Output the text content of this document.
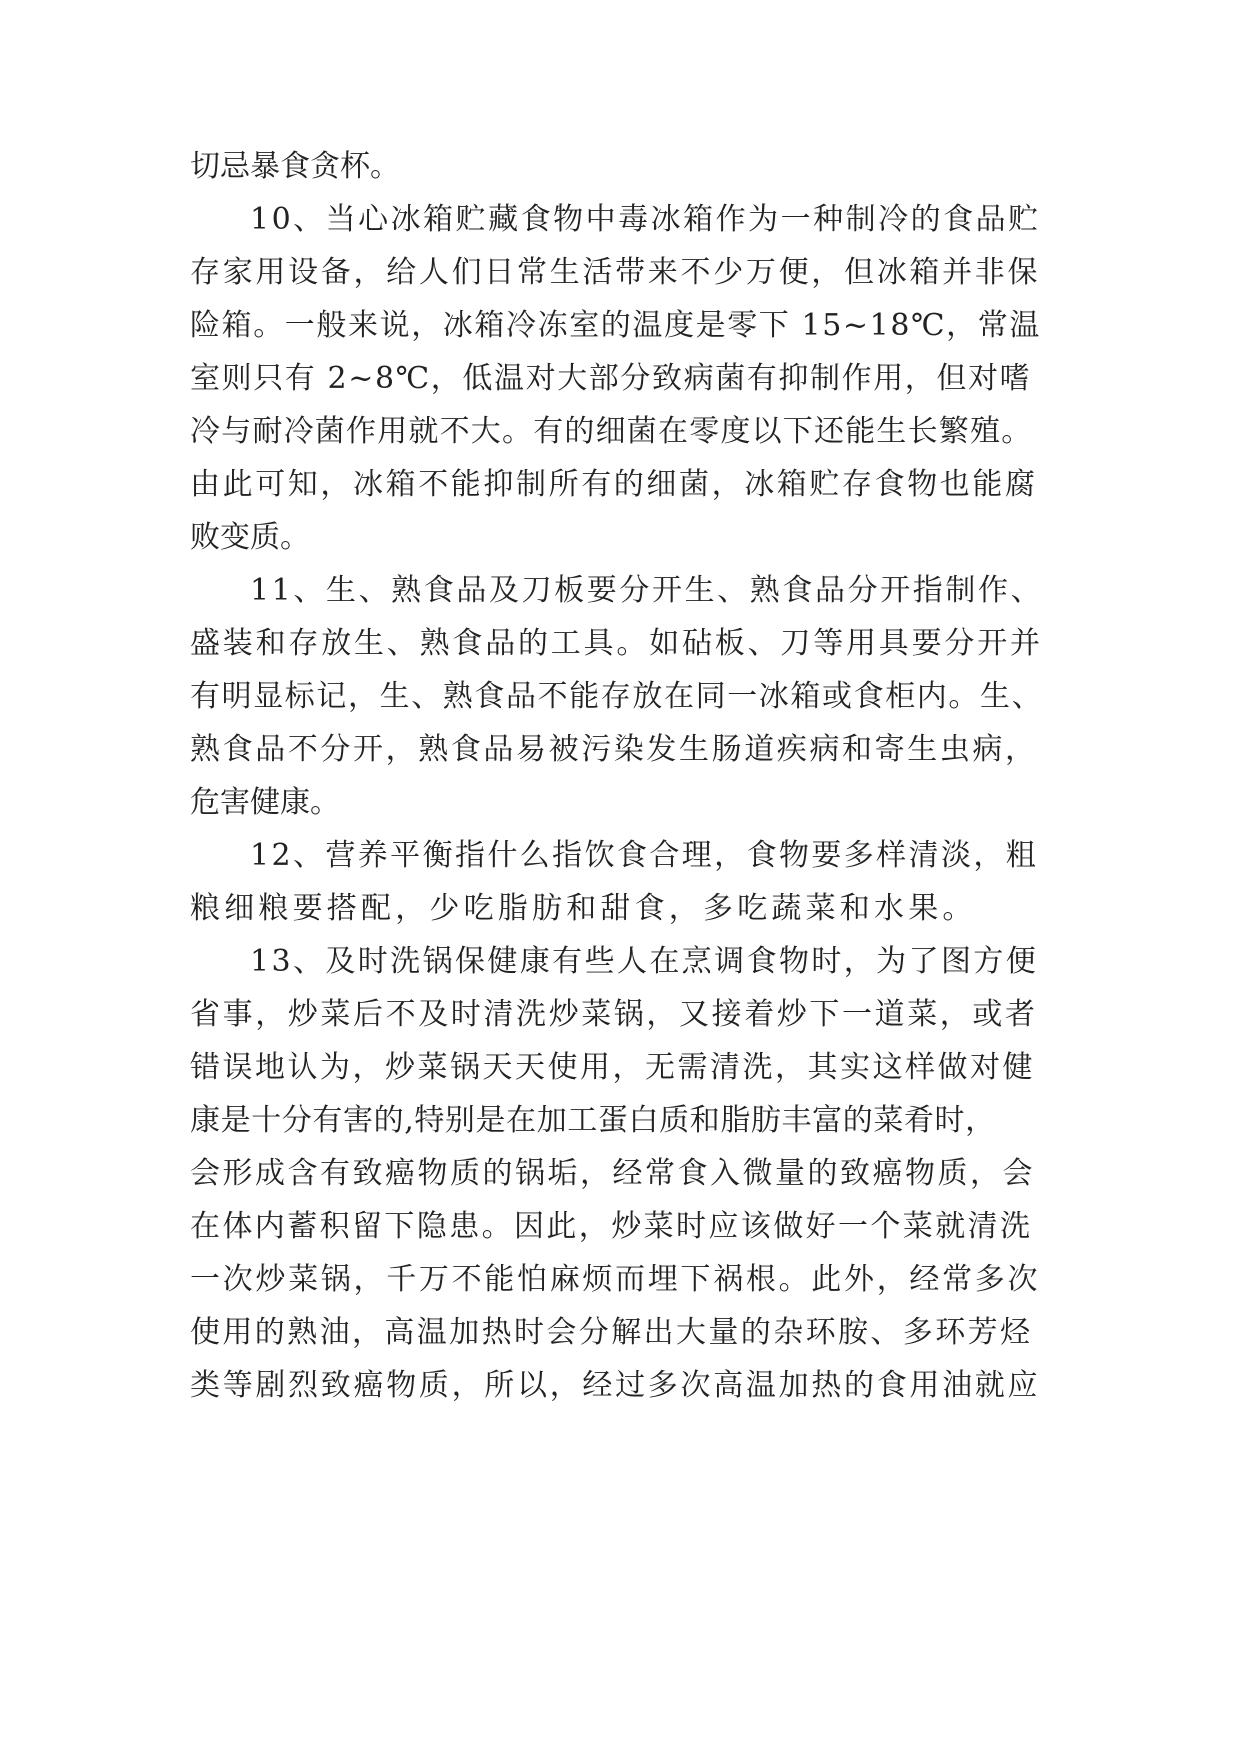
切忌暴食贪杯。
10、当心冰箱贮藏食物中毒冰箱作为一种制冷的食品贮
存家用设备，给人们日常生活带来不少万便，但冰箱并非保
险箱。一般来说，冰箱冷冻室的温度是零下 15~18℃，常温
室则只有 2~8℃，低温对大部分致病菌有抑制作用，但对嗜
冷与耐冷菌作用就不大。有的细菌在零度以下还能生长繁殖。
由此可知，冰箱不能抑制所有的细菌，冰箱贮存食物也能腐
败变质。
11、生、熟食品及刀板要分开生、熟食品分开指制作、
盛装和存放生、熟食品的工具。如砧板、刀等用具要分开并
有明显标记，生、熟食品不能存放在同一冰箱或食柜内。生、
熟食品不分开，熟食品易被污染发生肠道疾病和寄生虫病，
危害健康。
12、营养平衡指什么指饮食合理，食物要多样清淡，粗
粮细粮要搭配，少吃脂肪和甜食，多吃蔬菜和水果。
13、及时洗锅保健康有些人在烹调食物时，为了图方便
省事，炒菜后不及时清洗炒菜锅，又接着炒下一道菜，或者
错误地认为，炒菜锅天天使用，无需清洗，其实这样做对健
康是十分有害的,特别是在加工蛋白质和脂肪丰富的菜肴时，
会形成含有致癌物质的锅垢，经常食入微量的致癌物质，会
在体内蓄积留下隐患。因此，炒菜时应该做好一个菜就清洗
一次炒菜锅，千万不能怕麻烦而埋下祸根。此外，经常多次
使用的熟油，高温加热时会分解出大量的杂环胺、多环芳烃
类等剧烈致癌物质，所以，经过多次高温加热的食用油就应
